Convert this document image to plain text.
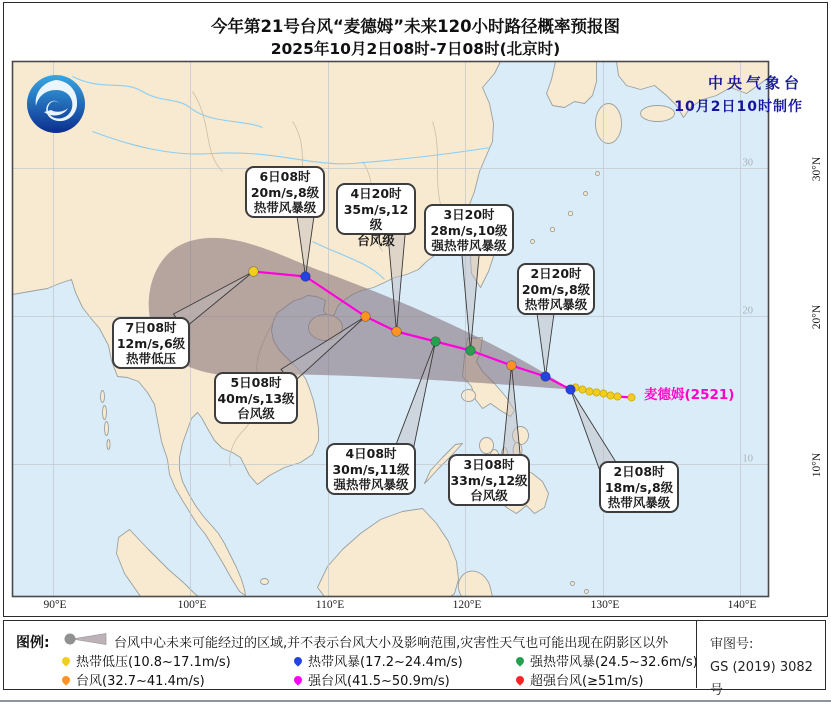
今年第21号台风“麦德姆”未来120小时路径概率预报图
2025年10月2日08时-7日08时(北京时)
30
20
10
中央气象台
10月2日10时制作
2日08时
18m/s,8级
热带风暴级
2日20时
20m/s,8级
热带风暴级
3日08时
33m/s,12级
台风级
3日20时
28m/s,10级
强热带风暴级
4日08时
30m/s,11级
强热带风暴级
4日20时
35m/s,12级
台风级
5日08时
40m/s,13级
台风级
6日08时
20m/s,8级
热带风暴级
7日08时
12m/s,6级
热带低压
90°E	100°E	110°E	120°E	130°E	140°E
30°N
20°N
10°N
麦德姆(2521)
图例:	台风中心未来可能经过的区域,并不表示台风大小及影响范围,灾害性天气也可能出现在阴影区以外
热带低压(10.8~17.1m/s)	热带风暴(17.2~24.4m/s)	强热带风暴(24.5~32.6m/s)
台风(32.7~41.4m/s)	强台风(41.5~50.9m/s)	超强台风(≥51m/s)
审图号:
GS (2019) 3082号
